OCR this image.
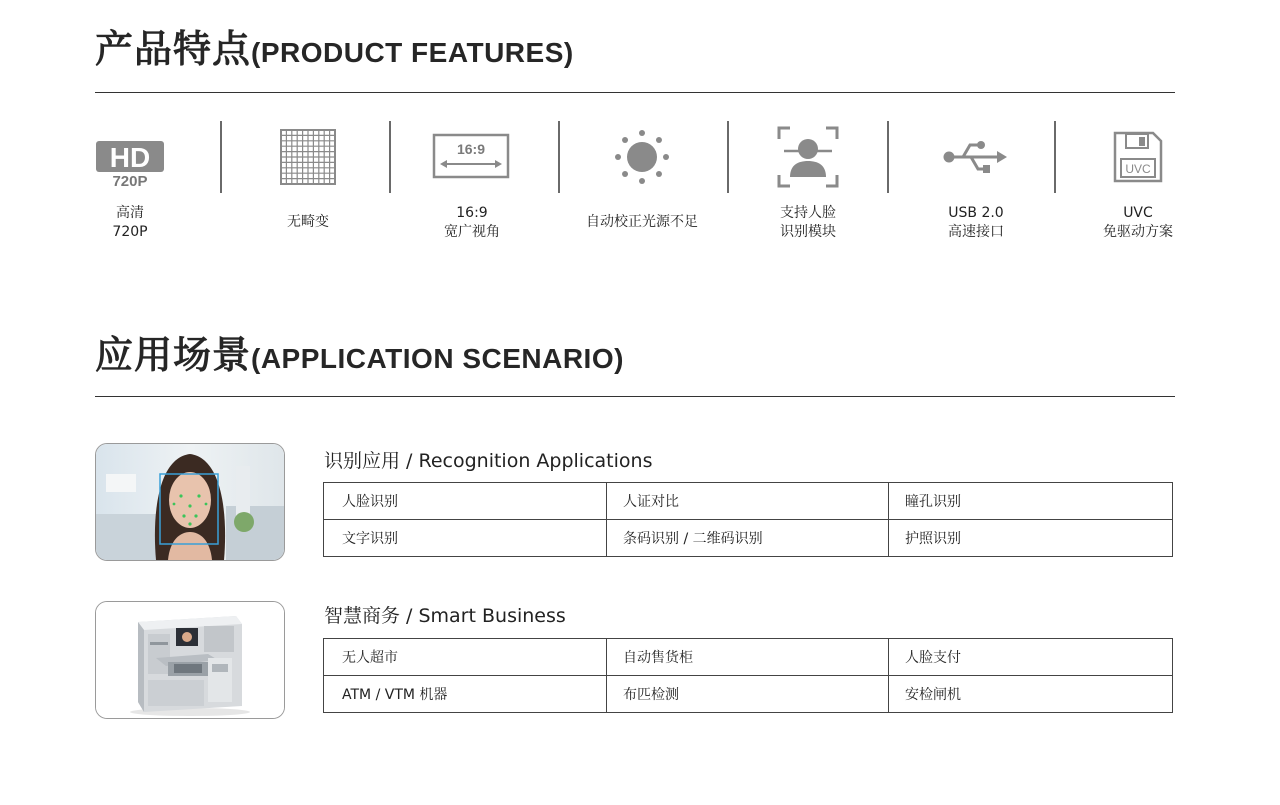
产品特点(PRODUCT FEATURES)
HD
720P
高清
720P
无畸变
16:9
16:9
宽广视角
自动校正光源不足
支持人脸
识别模块
USB 2.0
高速接口
UVC
UVC
免驱动方案
应用场景(APPLICATION SCENARIO)
识别应用 / Recognition Applications
人脸识别	人证对比	瞳孔识别
文字识别	条码识别 / 二维码识别	护照识别
智慧商务 / Smart Business
无人超市	自动售货柜	人脸支付
ATM / VTM 机器	布匹检测	安检闸机
